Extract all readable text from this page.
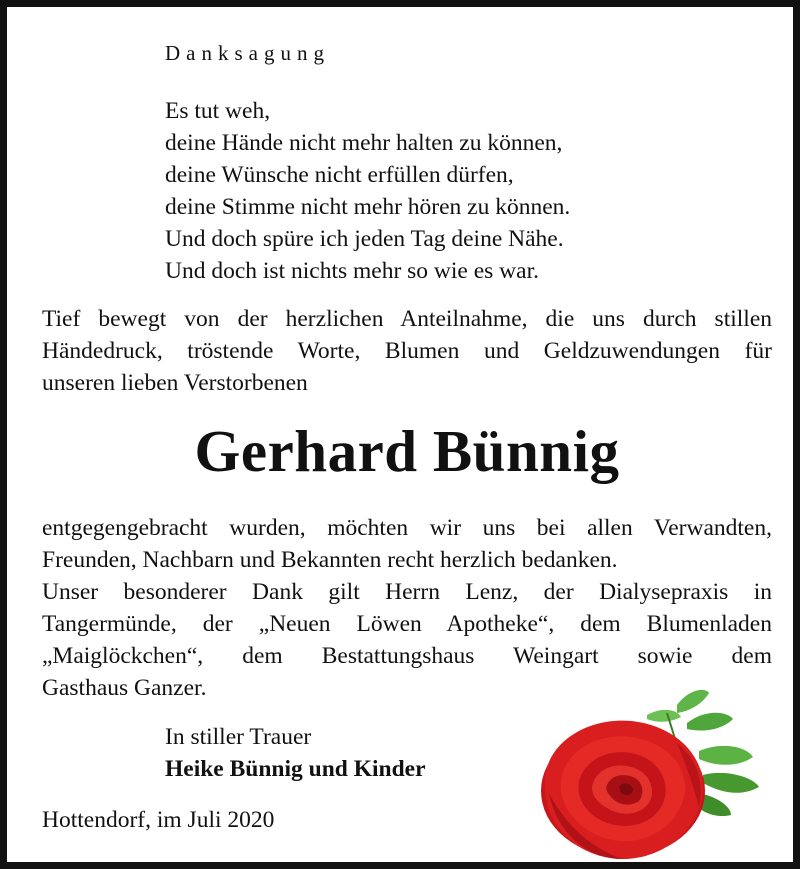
Danksagung
Es tut weh,
deine Hände nicht mehr halten zu können,
deine Wünsche nicht erfüllen dürfen,
deine Stimme nicht mehr hören zu können.
Und doch spüre ich jeden Tag deine Nähe.
Und doch ist nichts mehr so wie es war.
Tief bewegt von der herzlichen Anteilnahme, die uns durch stillen
Händedruck, tröstende Worte, Blumen und Geldzuwendungen für
unseren lieben Verstorbenen
Gerhard Bünnig
entgegengebracht wurden, möchten wir uns bei allen Verwandten,
Freunden, Nachbarn und Bekannten recht herzlich bedanken.
Unser besonderer Dank gilt Herrn Lenz, der Dialysepraxis in
Tangermünde, der „Neuen Löwen Apotheke“, dem Blumenladen
„Maiglöckchen“, dem Bestattungshaus Weingart sowie dem
Gasthaus Ganzer.
In stiller Trauer
Heike Bünnig und Kinder
Hottendorf, im Juli 2020
